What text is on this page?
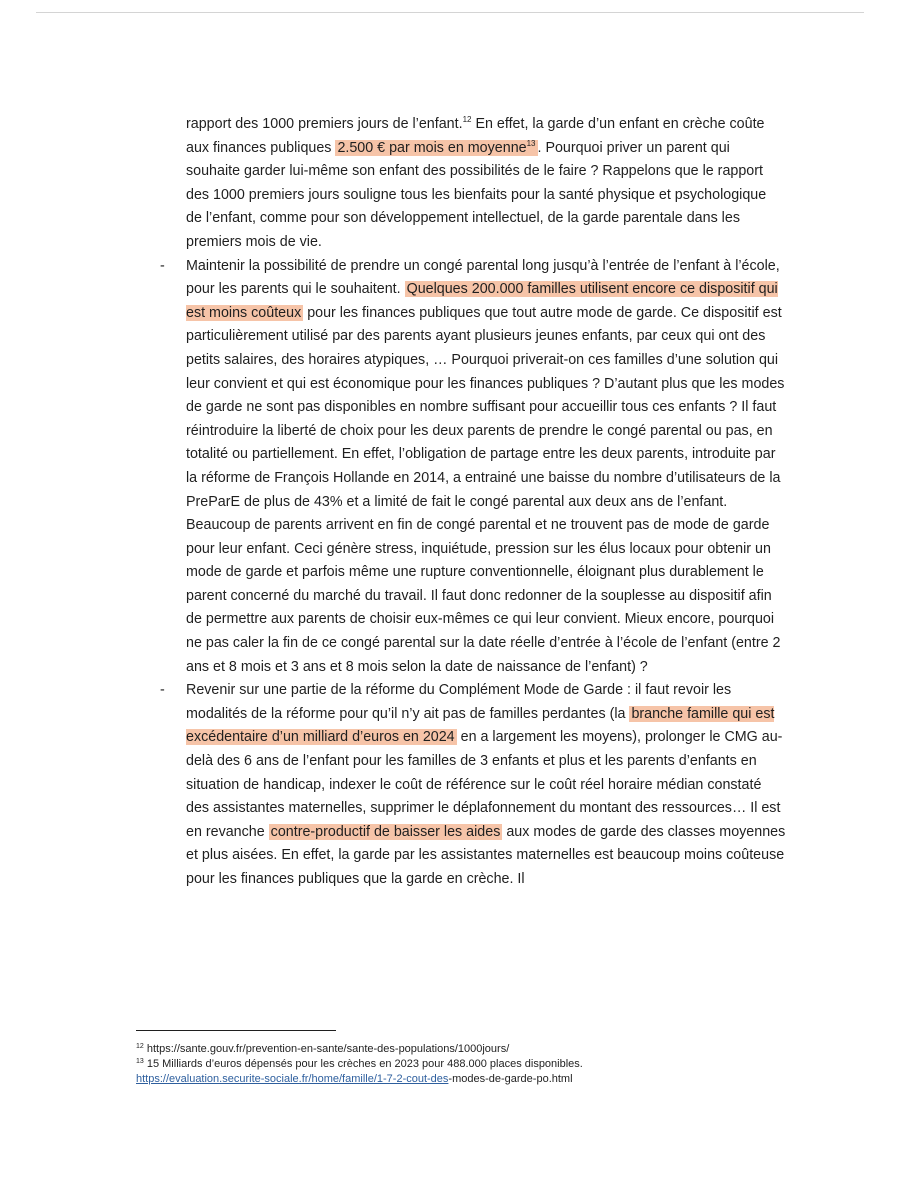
rapport des 1000 premiers jours de l’enfant.$^{12}$ En effet, la garde d’un enfant en crèche coûte aux finances publiques 2.500 € par mois en moyenne$^{13}$ . Pourquoi priver un parent qui souhaite garder lui-même son enfant des possibilités de le faire ? Rappelons que le rapport des 1000 premiers jours souligne tous les bienfaits pour la santé physique et psychologique de l’enfant, comme pour son développement intellectuel, de la garde parentale dans les premiers mois de vie.

- Maintenir la possibilité de prendre un congé parental long jusqu’à l’entrée de l’enfant à l’école, pour les parents qui le souhaitent. Quelques 200.000 familles utilisent encore ce dispositif qui est moins coûteux pour les finances publiques que tout autre mode de garde. Ce dispositif est particulièrement utilisé par des parents ayant plusieurs jeunes enfants, par ceux qui ont des petits salaires, des horaires atypiques, … Pourquoi priverait-on ces familles d’une solution qui leur convient et qui est économique pour les finances publiques ? D’autant plus que les modes de garde ne sont pas disponibles en nombre suffisant pour accueillir tous ces enfants ? Il faut réintroduire la liberté de choix pour les deux parents de prendre le congé parental ou pas, en totalité ou partiellement. En effet, l’obligation de partage entre les deux parents, introduite par la réforme de François Hollande en 2014, a entrainé une baisse du nombre d’utilisateurs de la PreParE de plus de 43% et a limité de fait le congé parental aux deux ans de l’enfant. Beaucoup de parents arrivent en fin de congé parental et ne trouvent pas de mode de garde pour leur enfant. Ceci génère stress, inquiétude, pression sur les élus locaux pour obtenir un mode de garde et parfois même une rupture conventionnelle, éloignant plus durablement le parent concerné du marché du travail. Il faut donc redonner de la souplesse au dispositif afin de permettre aux parents de choisir eux-mêmes ce qui leur convient. Mieux encore, pourquoi ne pas caler la fin de ce congé parental sur la date réelle d’entrée à l’école de l’enfant (entre 2 ans et 8 mois et 3 ans et 8 mois selon la date de naissance de l’enfant) ?

- Revenir sur une partie de la réforme du Complément Mode de Garde : il faut revoir les modalités de la réforme pour qu’il n’y ait pas de familles perdantes (la branche famille qui est excédentaire d’un milliard d’euros en 2024 en a largement les moyens), prolonger le CMG au-delà des 6 ans de l’enfant pour les familles de 3 enfants et plus et les parents d’enfants en situation de handicap, indexer le coût de référence sur le coût réel horaire médian constaté des assistantes maternelles, supprimer le déplafonnement du montant des ressources… Il est en revanche contre-productif de baisser les aides aux modes de garde des classes moyennes et plus aisées. En effet, la garde par les assistantes maternelles est beaucoup moins coûteuse pour les finances publiques que la garde en crèche. Il

$^{12}$ https://sante.gouv.fr/prevention-en-sante/sante-des-populations/1000jours/
$^{13}$ 15 Milliards d’euros dépensés pour les crèches en 2023 pour 488.000 places disponibles.
https://evaluation.securite-sociale.fr/home/famille/1-7-2-cout-des-modes-de-garde-po.html
